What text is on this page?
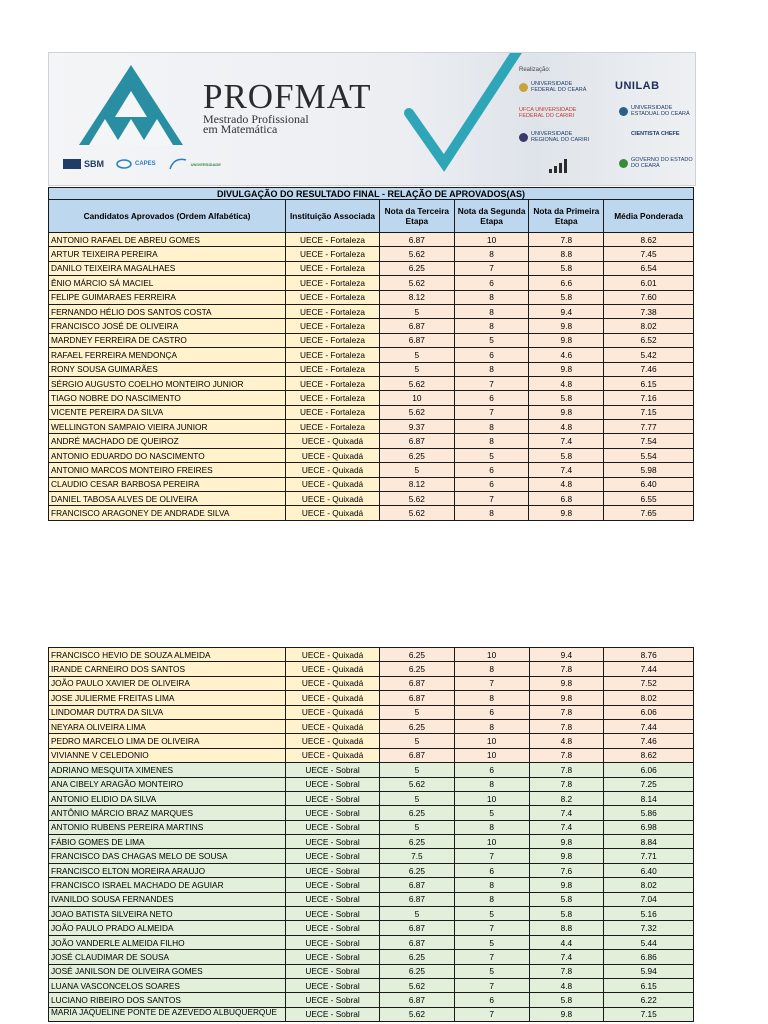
PROFMAT
Mestrado Profissional
em Matemática
SBM	CAPES	UNIVERSIDADE
Realização:
UNIVERSIDADE FEDERAL DO CEARÁ	UNILAB
UFCA UNIVERSIDADE FEDERAL DO CARIRI
UNIVERSIDADE ESTADUAL DO CEARÁ
UNIVERSIDADE REGIONAL DO CARIRI
CIENTISTA CHEFE
GOVERNO DO ESTADO DO CEARÁ
DIVULGAÇÃO DO RESULTADO FINAL - RELAÇÃO DE APROVADOS(AS)					
Candidatos Aprovados (Ordem Alfabética)	Instituição Associada	Nota da Terceira Etapa	Nota da Segunda Etapa	Nota da Primeira Etapa	Média Ponderada
ANTONIO RAFAEL DE ABREU GOMES	UECE - Fortaleza	6.87	10	7.8	8.62
ARTUR TEIXEIRA PEREIRA	UECE - Fortaleza	5.62	8	8.8	7.45
DANILO TEIXEIRA MAGALHAES	UECE - Fortaleza	6.25	7	5.8	6.54
ÊNIO MÁRCIO SÁ MACIEL	UECE - Fortaleza	5.62	6	6.6	6.01
FELIPE GUIMARAES FERREIRA	UECE - Fortaleza	8.12	8	5.8	7.60
FERNANDO HÉLIO DOS SANTOS COSTA	UECE - Fortaleza	5	8	9.4	7.38
FRANCISCO JOSÉ DE OLIVEIRA	UECE - Fortaleza	6.87	8	9.8	8.02
MARDNEY FERREIRA DE CASTRO	UECE - Fortaleza	6.87	5	9.8	6.52
RAFAEL FERREIRA MENDONÇA	UECE - Fortaleza	5	6	4.6	5.42
RONY SOUSA GUIMARÃES	UECE - Fortaleza	5	8	9.8	7.46
SÉRGIO AUGUSTO COELHO MONTEIRO JUNIOR	UECE - Fortaleza	5.62	7	4.8	6.15
TIAGO NOBRE DO NASCIMENTO	UECE - Fortaleza	10	6	5.8	7.16
VICENTE PEREIRA DA SILVA	UECE - Fortaleza	5.62	7	9.8	7.15
WELLINGTON SAMPAIO VIEIRA JUNIOR	UECE - Fortaleza	9.37	8	4.8	7.77
ANDRÉ MACHADO DE QUEIROZ	UECE - Quixadá	6.87	8	7.4	7.54
ANTONIO EDUARDO DO NASCIMENTO	UECE - Quixadá	6.25	5	5.8	5.54
ANTONIO MARCOS MONTEIRO FREIRES	UECE - Quixadá	5	6	7.4	5.98
CLAUDIO CESAR BARBOSA PEREIRA	UECE - Quixadá	8.12	6	4.8	6.40
DANIEL TABOSA ALVES DE OLIVEIRA	UECE - Quixadá	5.62	7	6.8	6.55
FRANCISCO ARAGONEY DE ANDRADE SILVA	UECE - Quixadá	5.62	8	9.8	7.65
FRANCISCO HEVIO DE SOUZA ALMEIDA	UECE - Quixadá	6.25	10	9.4	8.76
IRANDE CARNEIRO DOS SANTOS	UECE - Quixadá	6.25	8	7.8	7.44
JOÃO PAULO XAVIER DE OLIVEIRA	UECE - Quixadá	6.87	7	9.8	7.52
JOSE JULIERME FREITAS LIMA	UECE - Quixadá	6.87	8	9.8	8.02
LINDOMAR DUTRA DA SILVA	UECE - Quixadá	5	6	7.8	6.06
NEYARA OLIVEIRA LIMA	UECE - Quixadá	6.25	8	7.8	7.44
PEDRO MARCELO LIMA DE OLIVEIRA	UECE - Quixadá	5	10	4.8	7.46
VIVIANNE V CELEDONIO	UECE - Quixadá	6.87	10	7.8	8.62
ADRIANO MESQUITA XIMENES	UECE - Sobral	5	6	7.8	6.06
ANA CIBELY ARAGÃO MONTEIRO	UECE - Sobral	5.62	8	7.8	7.25
ANTONIO ELIDIO DA SILVA	UECE - Sobral	5	10	8.2	8.14
ANTÔNIO MÁRCIO BRAZ MARQUES	UECE - Sobral	6.25	5	7.4	5.86
ANTONIO RUBENS PEREIRA MARTINS	UECE - Sobral	5	8	7.4	6.98
FÁBIO GOMES DE LIMA	UECE - Sobral	6.25	10	9.8	8.84
FRANCISCO DAS CHAGAS MELO DE SOUSA	UECE - Sobral	7.5	7	9.8	7.71
FRANCISCO ELTON MOREIRA ARAUJO	UECE - Sobral	6.25	6	7.6	6.40
FRANCISCO ISRAEL MACHADO DE AGUIAR	UECE - Sobral	6.87	8	9.8	8.02
IVANILDO SOUSA FERNANDES	UECE - Sobral	6.87	8	5.8	7.04
JOAO BATISTA SILVEIRA NETO	UECE - Sobral	5	5	5.8	5.16
JOÃO PAULO PRADO ALMEIDA	UECE - Sobral	6.87	7	8.8	7.32
JOÃO VANDERLE ALMEIDA FILHO	UECE - Sobral	6.87	5	4.4	5.44
JOSÉ CLAUDIMAR DE SOUSA	UECE - Sobral	6.25	7	7.4	6.86
JOSÉ JANILSON DE OLIVEIRA GOMES	UECE - Sobral	6.25	5	7.8	5.94
LUANA VASCONCELOS SOARES	UECE - Sobral	5.62	7	4.8	6.15
LUCIANO RIBEIRO DOS SANTOS	UECE - Sobral	6.87	6	5.8	6.22
MARIA JAQUELINE PONTE DE AZEVEDO ALBUQUERQUE	UECE - Sobral	5.62	7	9.8	7.15
